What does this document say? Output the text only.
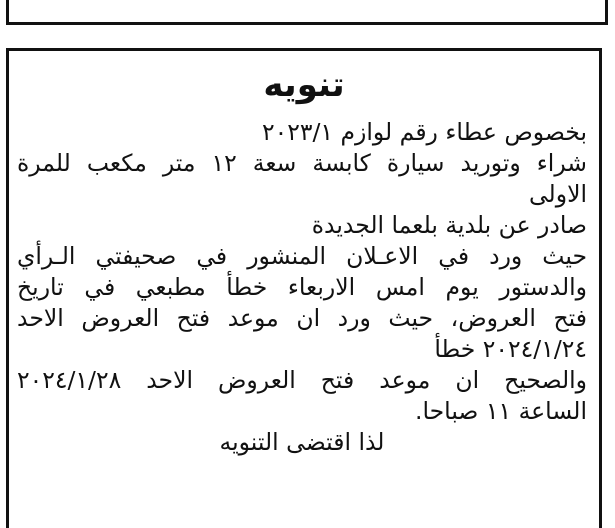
تنويه
بخصوص عطاء رقم لوازم ٢٠٢٣/١
شراء وتوريد سيارة كابسة سعة ١٢ متر مكعب للمرة
الاولى
صادر عن بلدية بلعما الجديدة
حيث ورد في الاعـلان المنشور في صحيفتي الـرأي
والدستور يوم امس الاربعاء خطأ مطبعي في تاريخ
فتح العروض، حيث ورد ان موعد فتح العروض الاحد
٢٠٢٤/١/٢٤ خطأ
والصحيح ان موعد فتح العروض الاحد ٢٠٢٤/١/٢٨
الساعة ١١ صباحا.
لذا اقتضى التنويه
